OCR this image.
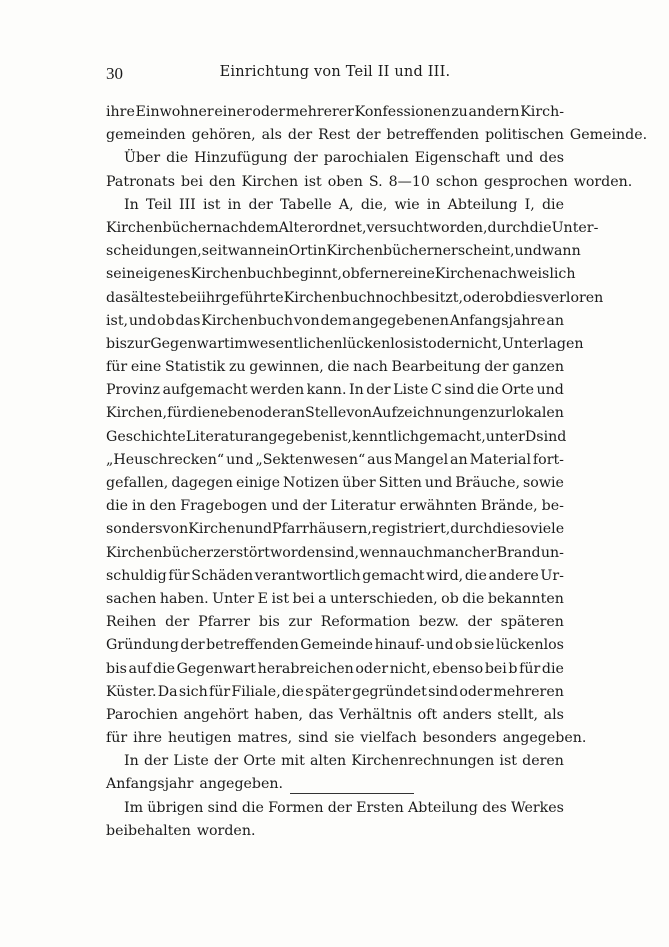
30	Einrichtung von Teil II und III.
ihre Einwohner einer oder mehrerer Konfessionen zu andern Kirch-
gemeinden gehören, als der Rest der betreffenden politischen Gemeinde.
Über die Hinzufügung der parochialen Eigenschaft und des
Patronats bei den Kirchen ist oben S. 8—10 schon gesprochen worden.
In Teil III ist in der Tabelle A, die, wie in Abteilung I, die
Kirchenbücher nach dem Alter ordnet, versucht worden, durch die Unter-
scheidungen, seit wann ein Ort in Kirchenbüchern erscheint, und wann
sein eigenes Kirchenbuch beginnt, ob ferner eine Kirche nachweislich
das älteste bei ihr geführte Kirchenbuch noch besitzt, oder ob dies verloren
ist, und ob das Kirchenbuch von dem angegebenen Anfangsjahre an
bis zur Gegenwart im wesentlichen lückenlos ist oder nicht, Unterlagen
für eine Statistik zu gewinnen, die nach Bearbeitung der ganzen
Provinz aufgemacht werden kann. In der Liste C sind die Orte und
Kirchen, für die neben oder an Stelle von Aufzeichnungen zur lokalen
Geschichte Literatur angegeben ist, kenntlich gemacht, unter D sind
„Heuschrecken“ und „Sektenwesen“ aus Mangel an Material fort-
gefallen, dagegen einige Notizen über Sitten und Bräuche, sowie
die in den Fragebogen und der Literatur erwähnten Brände, be-
sonders von Kirchen und Pfarrhäusern, registriert, durch die so viele
Kirchenbücher zerstört worden sind, wenn auch mancher Brand un-
schuldig für Schäden verantwortlich gemacht wird, die andere Ur-
sachen haben. Unter E ist bei a unterschieden, ob die bekannten
Reihen der Pfarrer bis zur Reformation bezw. der späteren
Gründung der betreffenden Gemeinde hinauf- und ob sie lückenlos
bis auf die Gegenwart herabreichen oder nicht, ebenso bei b für die
Küster. Da sich für Filiale, die später gegründet sind oder mehreren
Parochien angehört haben, das Verhältnis oft anders stellt, als
für ihre heutigen matres, sind sie vielfach besonders angegeben.
In der Liste der Orte mit alten Kirchenrechnungen ist deren
Anfangsjahr angegeben.
Im übrigen sind die Formen der Ersten Abteilung des Werkes
beibehalten worden.
